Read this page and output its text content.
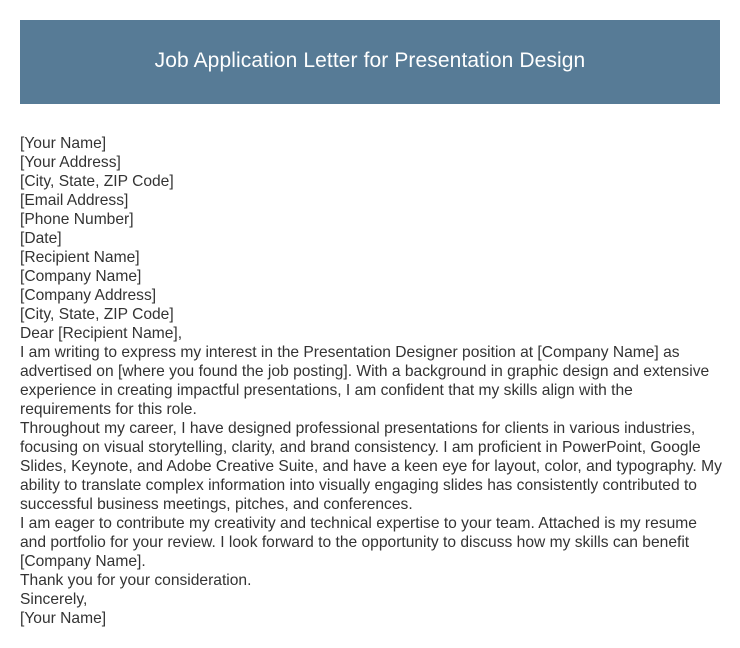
Job Application Letter for Presentation Design
[Your Name]
[Your Address]
[City, State, ZIP Code]
[Email Address]
[Phone Number]
[Date]
[Recipient Name]
[Company Name]
[Company Address]
[City, State, ZIP Code]
Dear [Recipient Name],

I am writing to express my interest in the Presentation Designer position at [Company Name] as advertised on [where you found the job posting]. With a background in graphic design and extensive experience in creating impactful presentations, I am confident that my skills align with the requirements for this role.

Throughout my career, I have designed professional presentations for clients in various industries, focusing on visual storytelling, clarity, and brand consistency. I am proficient in PowerPoint, Google Slides, Keynote, and Adobe Creative Suite, and have a keen eye for layout, color, and typography. My ability to translate complex information into visually engaging slides has consistently contributed to successful business meetings, pitches, and conferences.

I am eager to contribute my creativity and technical expertise to your team. Attached is my resume and portfolio for your review. I look forward to the opportunity to discuss how my skills can benefit [Company Name].

Thank you for your consideration.

Sincerely,
[Your Name]
